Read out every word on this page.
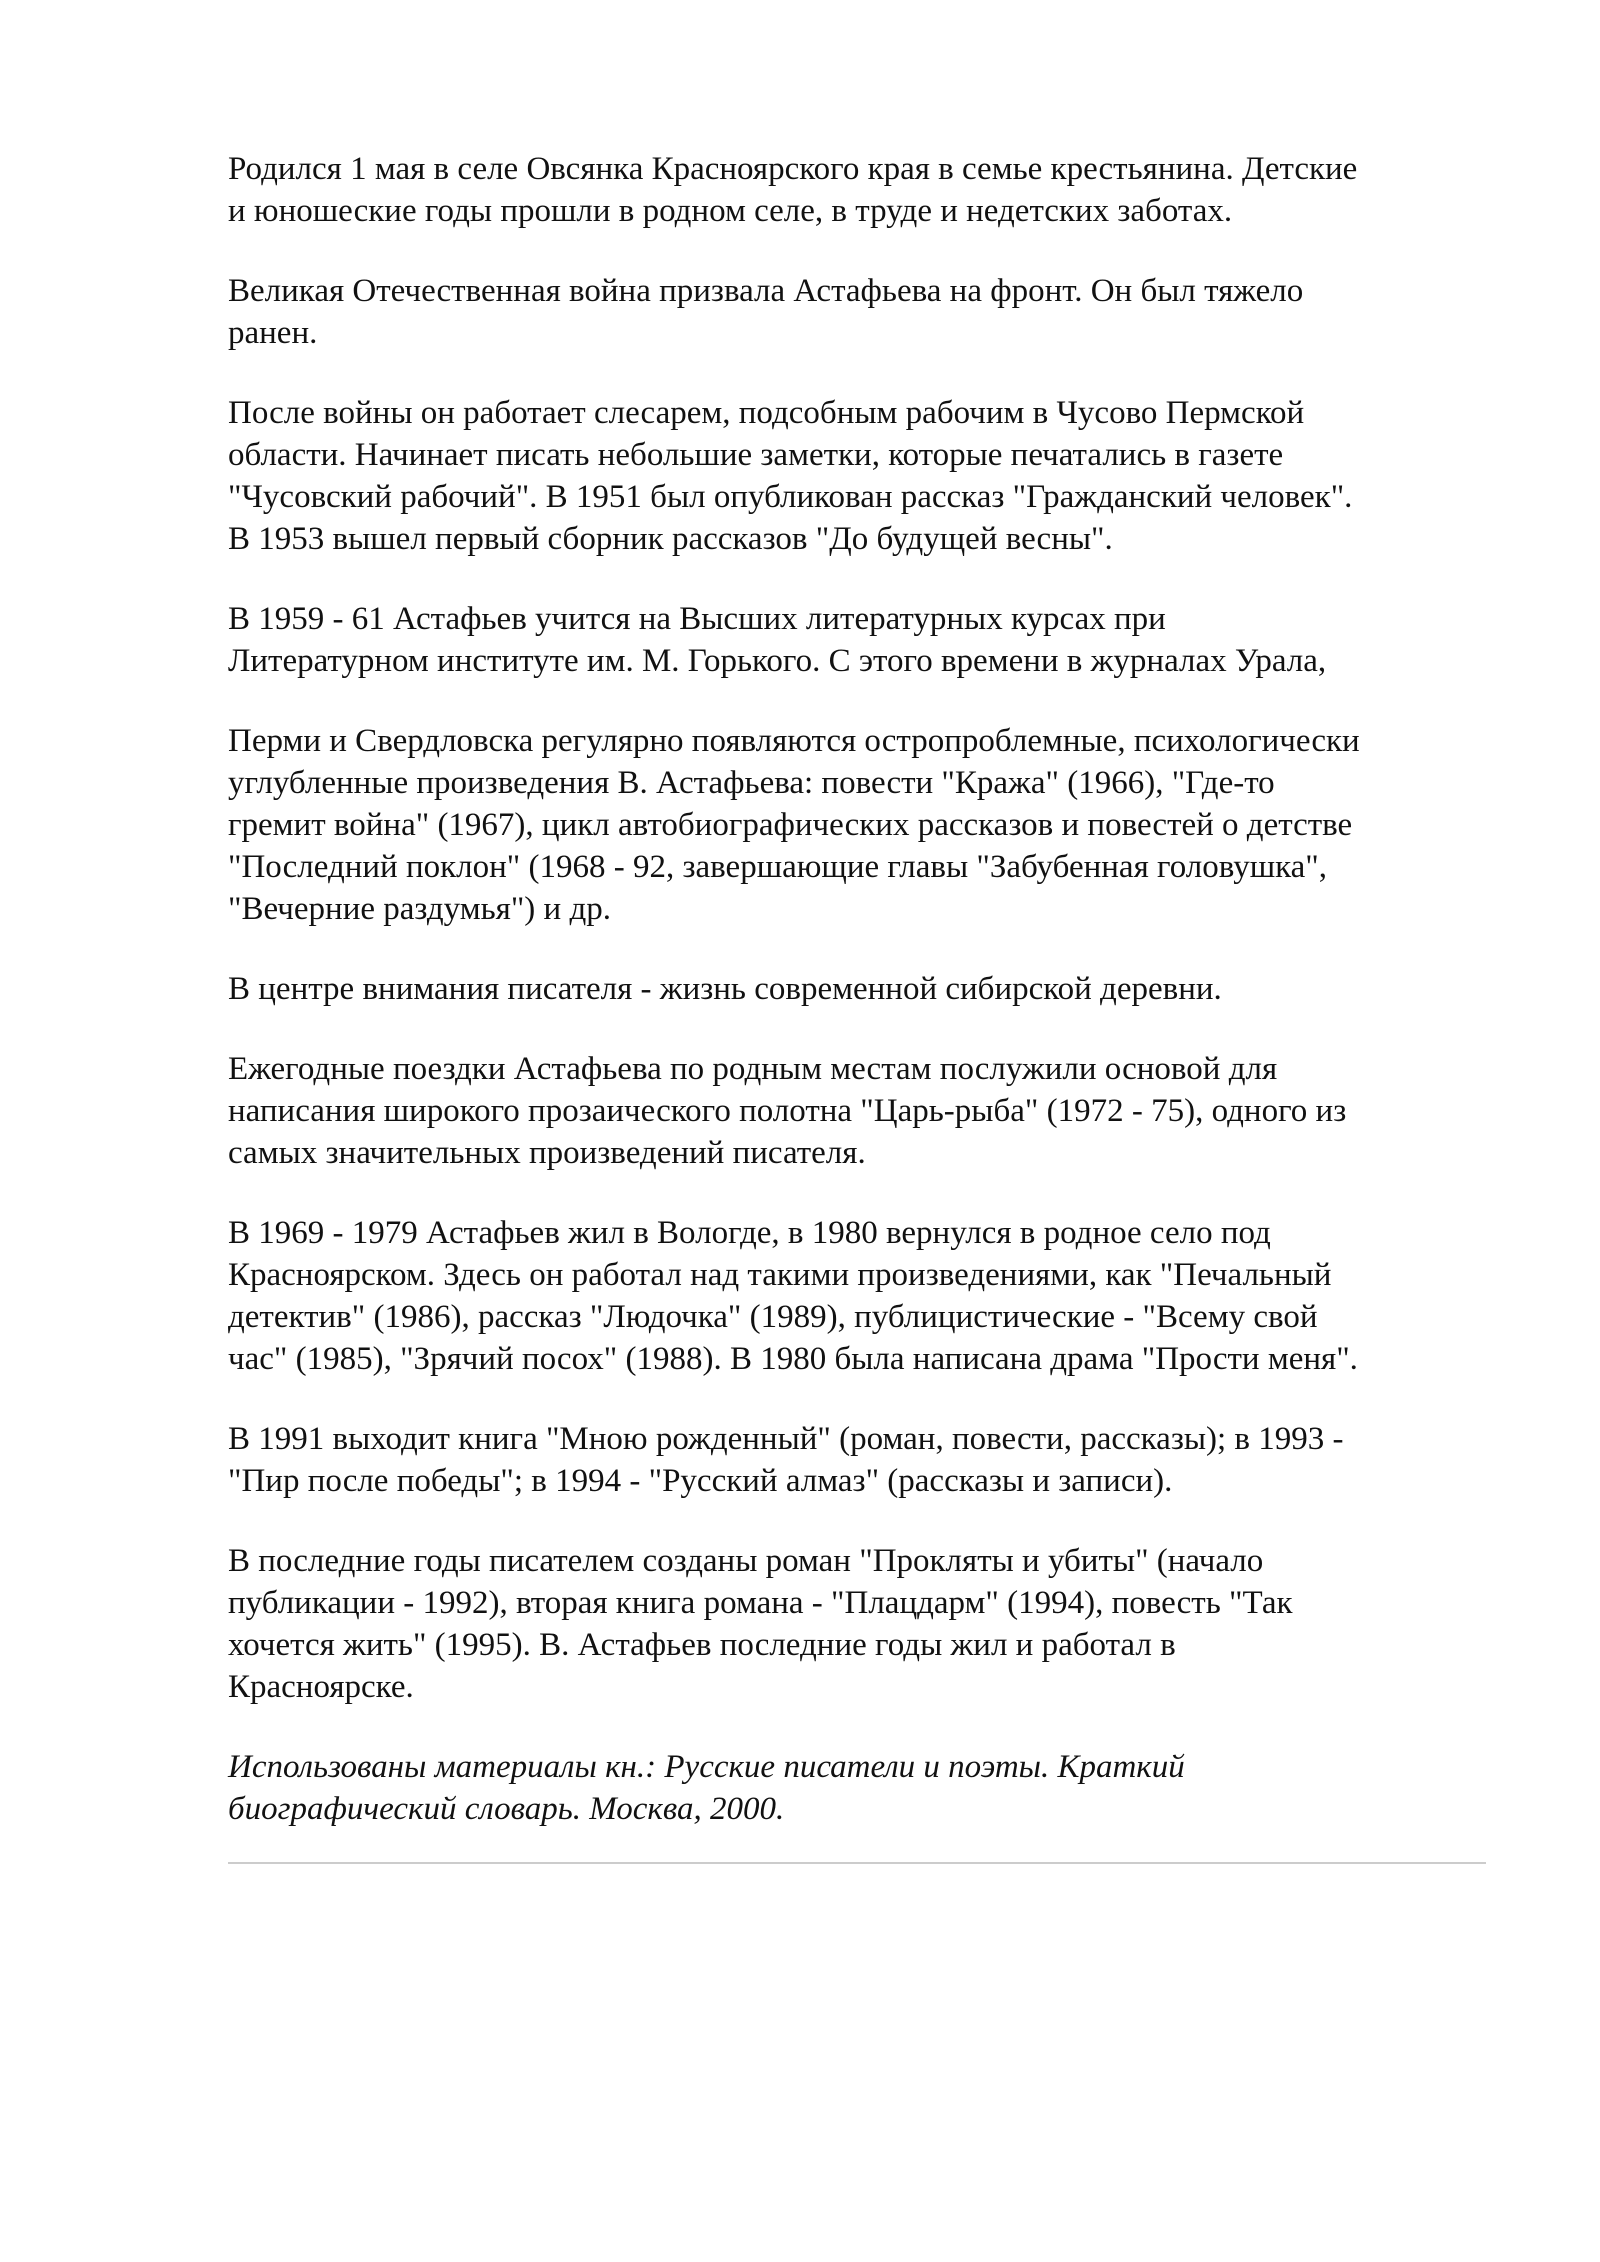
Родился 1 мая в селе Овсянка Красноярского края в семье крестьянина. Детские
и юношеские годы прошли в родном селе, в труде и недетских заботах.

Великая Отечественная война призвала Астафьева на фронт. Он был тяжело
ранен.

После войны он работает слесарем, подсобным рабочим в Чусово Пермской
области. Начинает писать небольшие заметки, которые печатались в газете
"Чусовский рабочий". В 1951 был опубликован рассказ "Гражданский человек".
В 1953 вышел первый сборник рассказов "До будущей весны".

В 1959 - 61 Астафьев учится на Высших литературных курсах при
Литературном институте им. М. Горького. С этого времени в журналах Урала,

Перми и Свердловска регулярно появляются остропроблемные, психологически
углубленные произведения В. Астафьева: повести "Кража" (1966), "Где-то
гремит война" (1967), цикл автобиографических рассказов и повестей о детстве
"Последний поклон" (1968 - 92, завершающие главы "Забубенная головушка",
"Вечерние раздумья") и др.

В центре внимания писателя - жизнь современной сибирской деревни.

Ежегодные поездки Астафьева по родным местам послужили основой для
написания широкого прозаического полотна "Царь-рыба" (1972 - 75), одного из
самых значительных произведений писателя.

В 1969 - 1979 Астафьев жил в Вологде, в 1980 вернулся в родное село под
Красноярском. Здесь он работал над такими произведениями, как "Печальный
детектив" (1986), рассказ "Людочка" (1989), публицистические - "Всему свой
час" (1985), "Зрячий посох" (1988). В 1980 была написана драма "Прости меня".

В 1991 выходит книга "Мною рожденный" (роман, повести, рассказы); в 1993 -
"Пир после победы"; в 1994 - "Русский алмаз" (рассказы и записи).

В последние годы писателем созданы роман "Прокляты и убиты" (начало
публикации - 1992), вторая книга романа - "Плацдарм" (1994), повесть "Так
хочется жить" (1995). В. Астафьев последние годы жил и работал в
Красноярске.

Использованы материалы кн.: Русские писатели и поэты. Краткий
биографический словарь. Москва, 2000.
